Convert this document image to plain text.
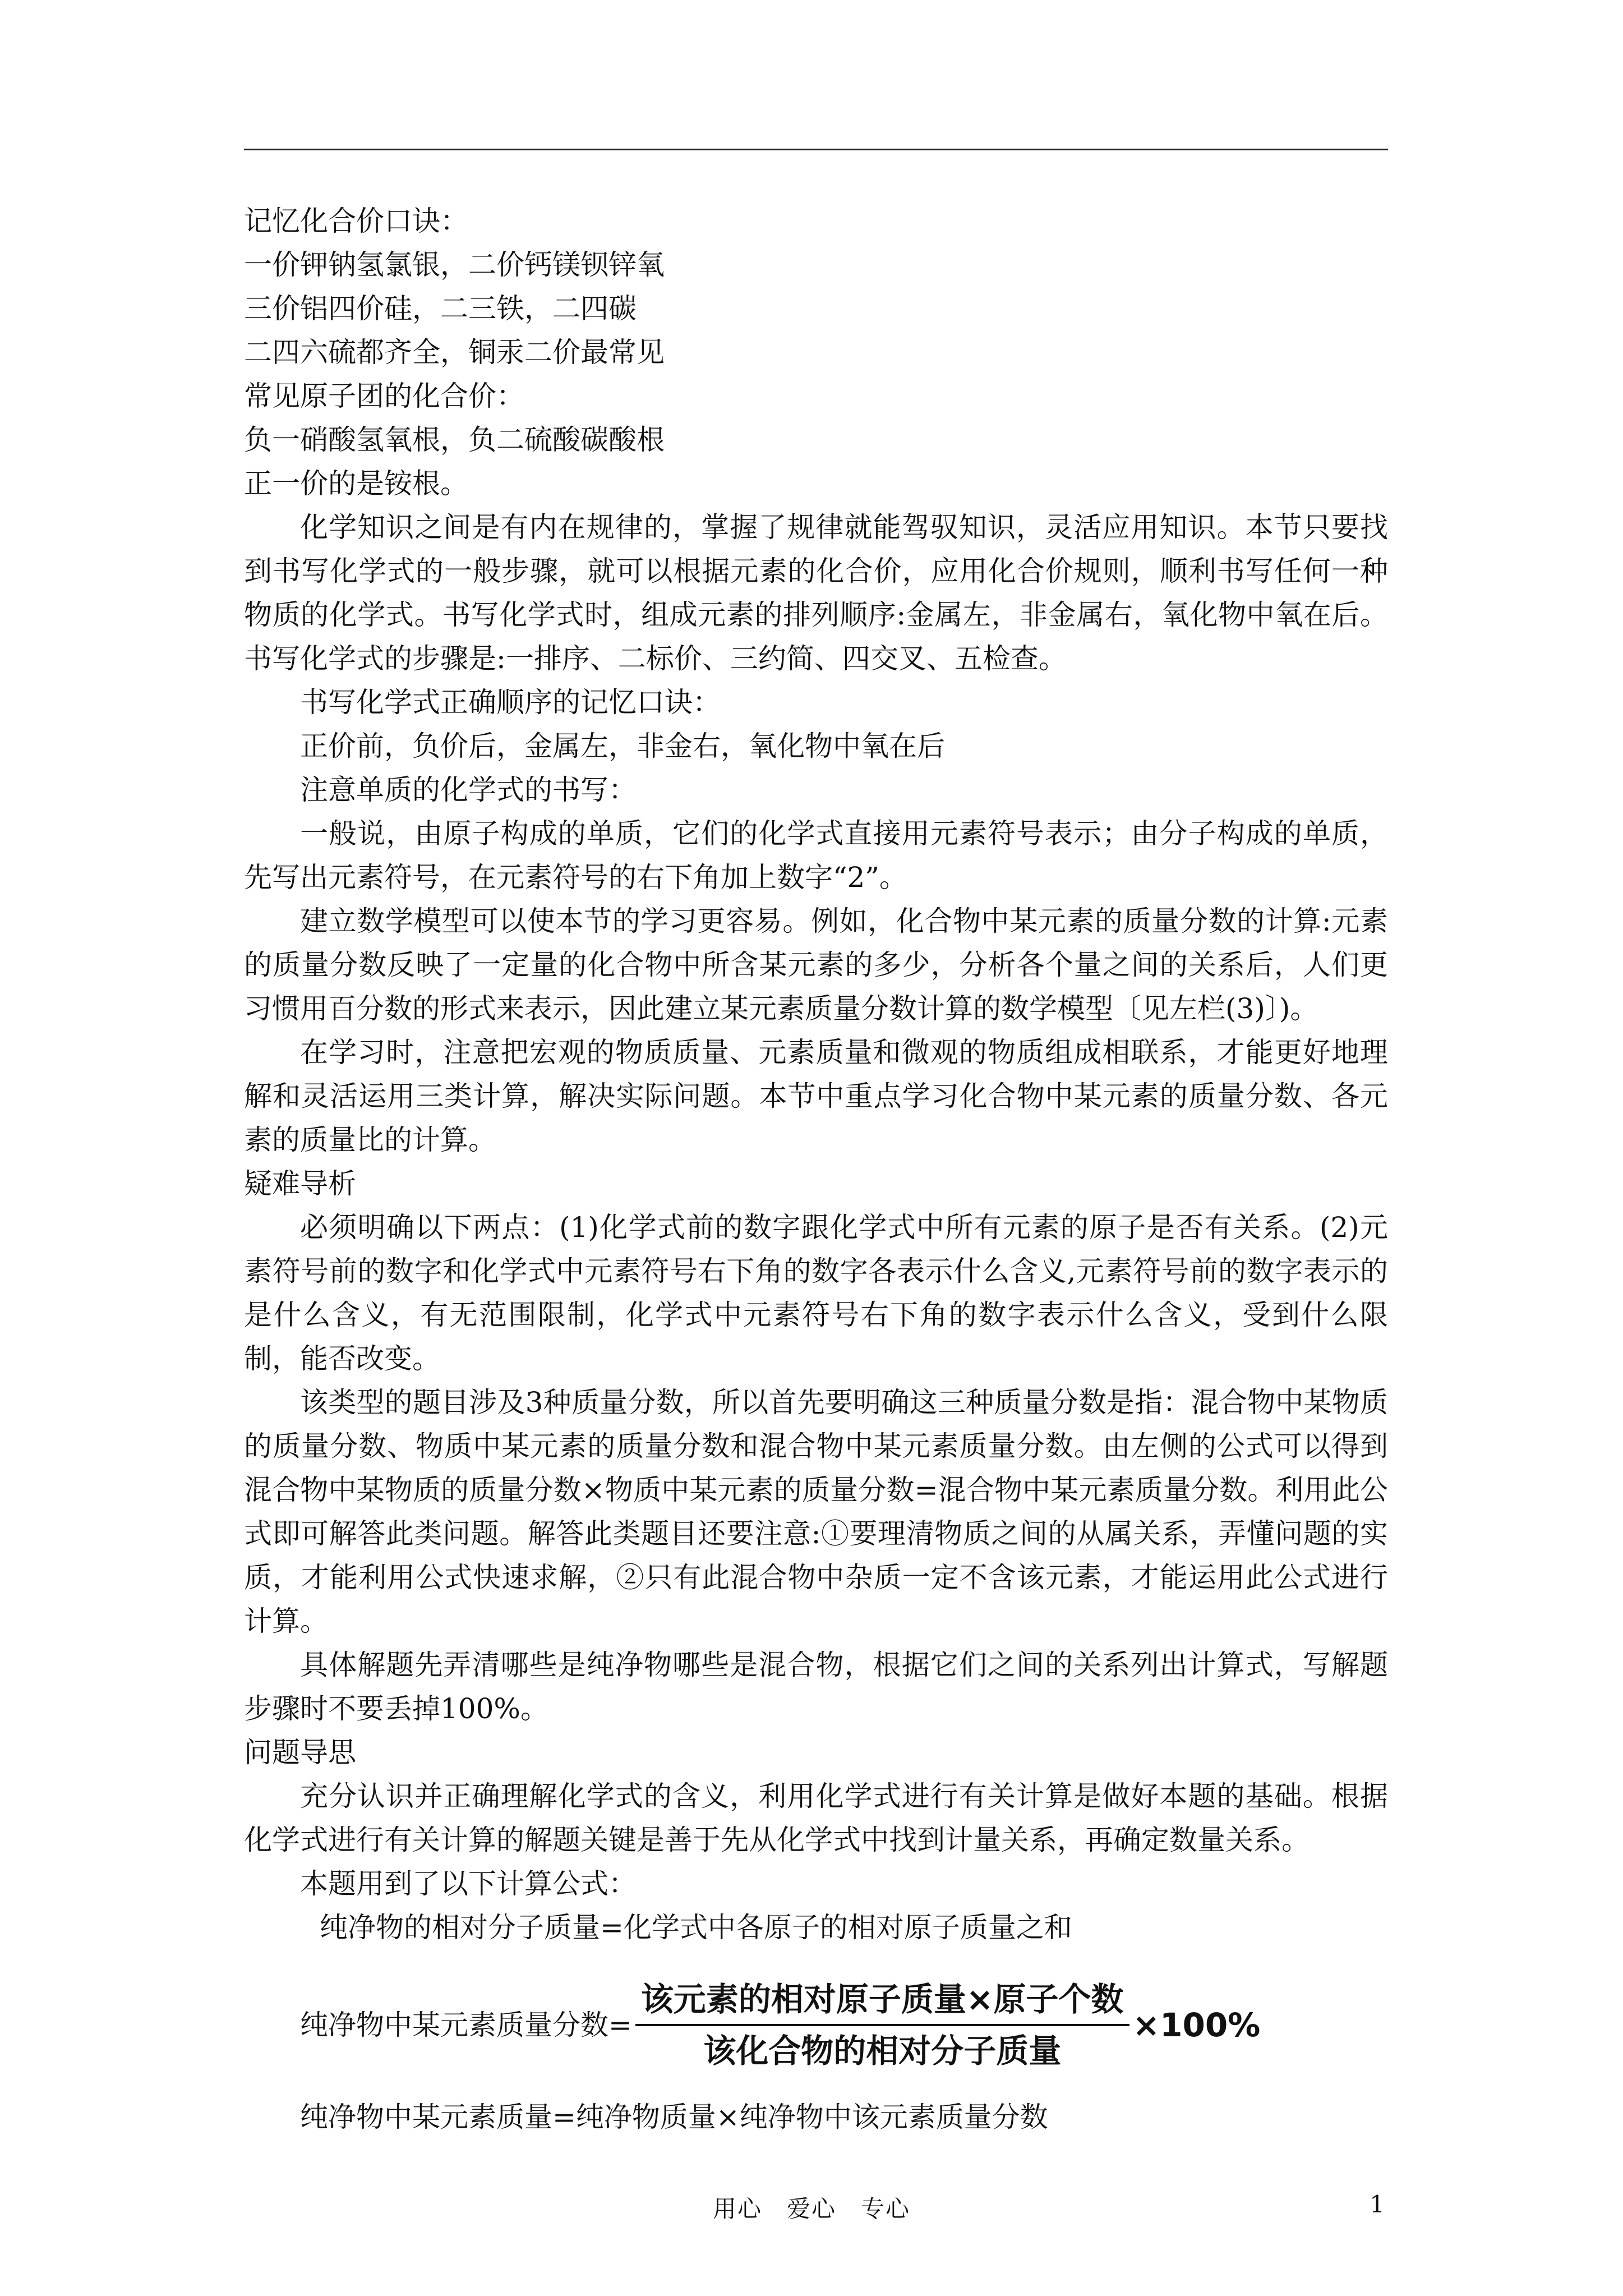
记忆化合价口诀：
一价钾钠氢氯银，二价钙镁钡锌氧
三价铝四价硅，二三铁，二四碳
二四六硫都齐全，铜汞二价最常见
常见原子团的化合价：
负一硝酸氢氧根，负二硫酸碳酸根
正一价的是铵根。

化学知识之间是有内在规律的，掌握了规律就能驾驭知识，灵活应用知识。本节只要找到书写化学式的一般步骤，就可以根据元素的化合价，应用化合价规则，顺利书写任何一种物质的化学式。书写化学式时，组成元素的排列顺序:金属左，非金属右，氧化物中氧在后。书写化学式的步骤是:一排序、二标价、三约简、四交叉、五检查。

书写化学式正确顺序的记忆口诀：

正价前，负价后，金属左，非金右，氧化物中氧在后

注意单质的化学式的书写：

一般说，由原子构成的单质，它们的化学式直接用元素符号表示；由分子构成的单质，先写出元素符号，在元素符号的右下角加上数字“2”。

建立数学模型可以使本节的学习更容易。例如，化合物中某元素的质量分数的计算:元素的质量分数反映了一定量的化合物中所含某元素的多少，分析各个量之间的关系后，人们更习惯用百分数的形式来表示，因此建立某元素质量分数计算的数学模型〔见左栏(3)〕)。

在学习时，注意把宏观的物质质量、元素质量和微观的物质组成相联系，才能更好地理解和灵活运用三类计算，解决实际问题。本节中重点学习化合物中某元素的质量分数、各元素的质量比的计算。

疑难导析

必须明确以下两点：(1)化学式前的数字跟化学式中所有元素的原子是否有关系。(2)元素符号前的数字和化学式中元素符号右下角的数字各表示什么含义,元素符号前的数字表示的是什么含义，有无范围限制，化学式中元素符号右下角的数字表示什么含义，受到什么限制，能否改变。

该类型的题目涉及3种质量分数，所以首先要明确这三种质量分数是指：混合物中某物质的质量分数、物质中某元素的质量分数和混合物中某元素质量分数。由左侧的公式可以得到混合物中某物质的质量分数×物质中某元素的质量分数=混合物中某元素质量分数。利用此公式即可解答此类问题。解答此类题目还要注意:①要理清物质之间的从属关系，弄懂问题的实质，才能利用公式快速求解，②只有此混合物中杂质一定不含该元素，才能运用此公式进行计算。

具体解题先弄清哪些是纯净物哪些是混合物，根据它们之间的关系列出计算式，写解题步骤时不要丢掉100%。

问题导思

充分认识并正确理解化学式的含义，利用化学式进行有关计算是做好本题的基础。根据化学式进行有关计算的解题关键是善于先从化学式中找到计量关系，再确定数量关系。

本题用到了以下计算公式：

纯净物的相对分子质量=化学式中各原子的相对原子质量之和
纯净物中某元素质量分数= $\frac{\text{该元素的相对原子质量×原子个数}}{\text{该化合物的相对分子质量}} \times 100\%$
纯净物中某元素质量=纯净物质量×纯净物中该元素质量分数
用心　爱心　专心	1
